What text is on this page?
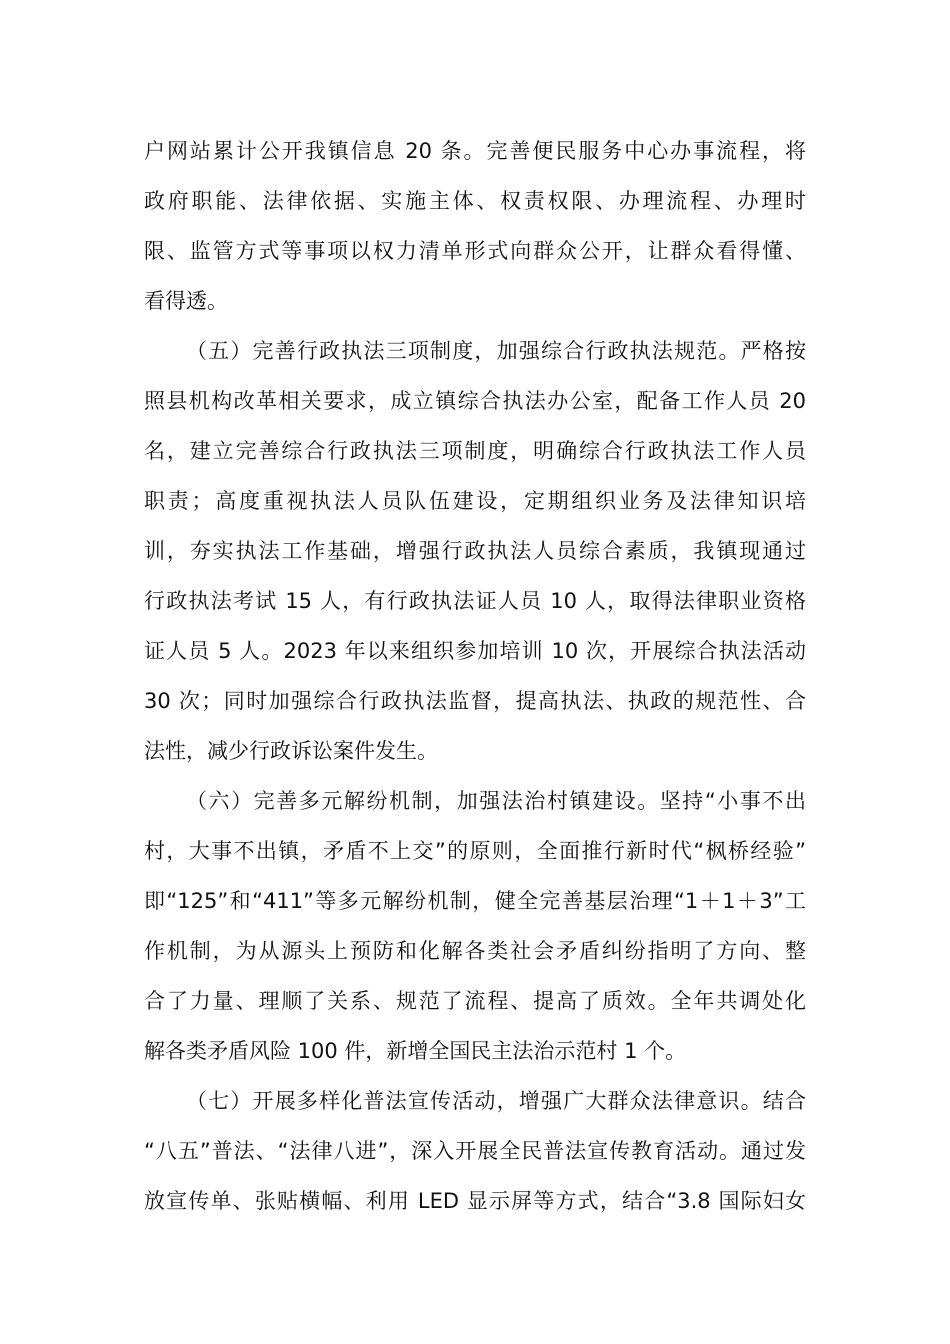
户网站累计公开我镇信息 20 条。完善便民服务中心办事流程，将
政府职能、法律依据、实施主体、权责权限、办理流程、办理时
限、监管方式等事项以权力清单形式向群众公开，让群众看得懂、
看得透。
（五）完善行政执法三项制度，加强综合行政执法规范。严格按
照县机构改革相关要求，成立镇综合执法办公室，配备工作人员 20
名，建立完善综合行政执法三项制度，明确综合行政执法工作人员
职责；高度重视执法人员队伍建设，定期组织业务及法律知识培
训，夯实执法工作基础，增强行政执法人员综合素质，我镇现通过
行政执法考试 15 人，有行政执法证人员 10 人，取得法律职业资格
证人员 5 人。2023 年以来组织参加培训 10 次，开展综合执法活动
30 次；同时加强综合行政执法监督，提高执法、执政的规范性、合
法性，减少行政诉讼案件发生。
（六）完善多元解纷机制，加强法治村镇建设。坚持“小事不出
村，大事不出镇，矛盾不上交”的原则，全面推行新时代“枫桥经验”
即“125”和“411”等多元解纷机制，健全完善基层治理“1＋1＋3”工
作机制，为从源头上预防和化解各类社会矛盾纠纷指明了方向、整
合了力量、理顺了关系、规范了流程、提高了质效。全年共调处化
解各类矛盾风险 100 件，新增全国民主法治示范村 1 个。
（七）开展多样化普法宣传活动，增强广大群众法律意识。结合
“八五”普法、“法律八进”，深入开展全民普法宣传教育活动。通过发
放宣传单、张贴横幅、利用 LED 显示屏等方式，结合“3.8 国际妇女
